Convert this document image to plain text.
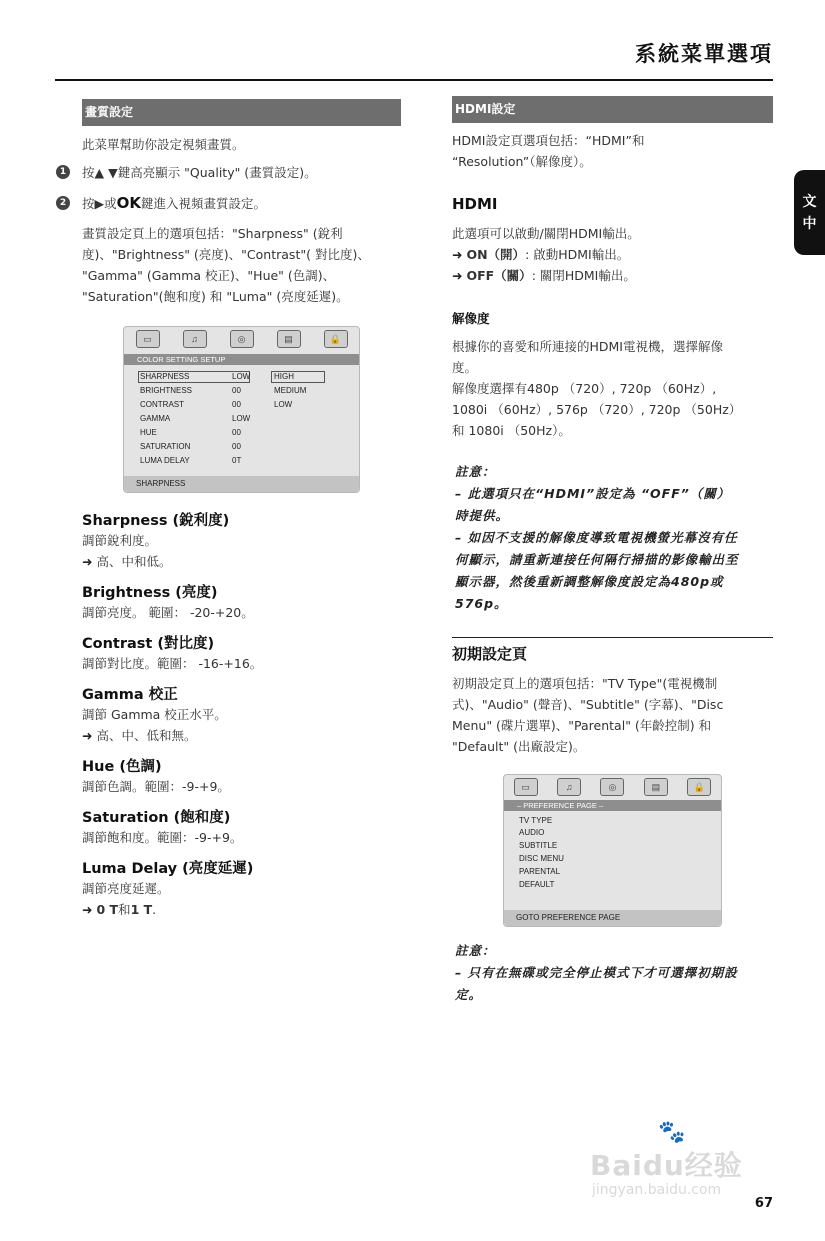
系統菜單選項
文
中
畫質設定
此菜單幫助你設定視頻畫質。
1	按▲ ▼鍵高亮顯示 "Quality" (畫質設定)。
2	按▶或OK鍵進入視頻畫質設定。
畫質設定頁上的選項包括："Sharpness" (銳利
度)、"Brightness" (亮度)、"Contrast"( 對比度)、
"Gamma" (Gamma 校正)、"Hue" (色調)、
"Saturation"(飽和度) 和 "Luma" (亮度延遲)。
▭	♫	◎	▤	🔒
COLOR SETTING SETUP
SHARPNESS	LOW	HIGH
BRIGHTNESS	00	MEDIUM
CONTRAST	00	LOW
GAMMA	LOW
HUE	00
SATURATION	00
LUMA DELAY	0T
SHARPNESS
Sharpness (銳利度)
調節銳利度。
➜ 高、中和低。
Brightness (亮度)
調節亮度。 範圍： -20-+20。
Contrast (對比度)
調節對比度。範圍： -16-+16。
Gamma 校正
調節 Gamma 校正水平。
➜ 高、中、低和無。
Hue (色調)
調節色調。範圍：-9-+9。
Saturation (飽和度)
調節飽和度。範圍：-9-+9。
Luma Delay (亮度延遲)
調節亮度延遲。
➜ 0 T和1 T.
HDMI設定
HDMI設定頁選項包括：“HDMI”和
“Resolution”（解像度）。
HDMI
此選項可以啟動/關閉HDMI輸出。
➜ ON（開）: 啟動HDMI輸出。
➜ OFF（關）: 關閉HDMI輸出。
解像度
根據你的喜愛和所連接的HDMI電視機，選擇解像
度。
解像度選擇有480p （720）, 720p （60Hz）,
1080i （60Hz）, 576p （720）, 720p （50Hz）
和 1080i （50Hz）。
註意：
– 此選項只在“HDMI”設定為 “OFF”（關）
時提供。
– 如因不支援的解像度導致電視機螢光幕沒有任
何顯示，請重新連接任何隔行掃描的影像輸出至
顯示器，然後重新調整解像度設定為480p或
576p。
初期設定頁
初期設定頁上的選項包括："TV Type"(電視機制
式)、"Audio" (聲音)、"Subtitle" (字幕)、"Disc
Menu" (碟片選單)、"Parental" (年齡控制) 和
"Default" (出廠設定)。
▭	♫	◎	▤	🔒
– PREFERENCE PAGE –
TV TYPE
AUDIO
SUBTITLE
DISC MENU
PARENTAL
DEFAULT
GOTO PREFERENCE PAGE
註意：
– 只有在無碟或完全停止模式下才可選擇初期設
定。
🐾
Baidu经验
jingyan.baidu.com
67
